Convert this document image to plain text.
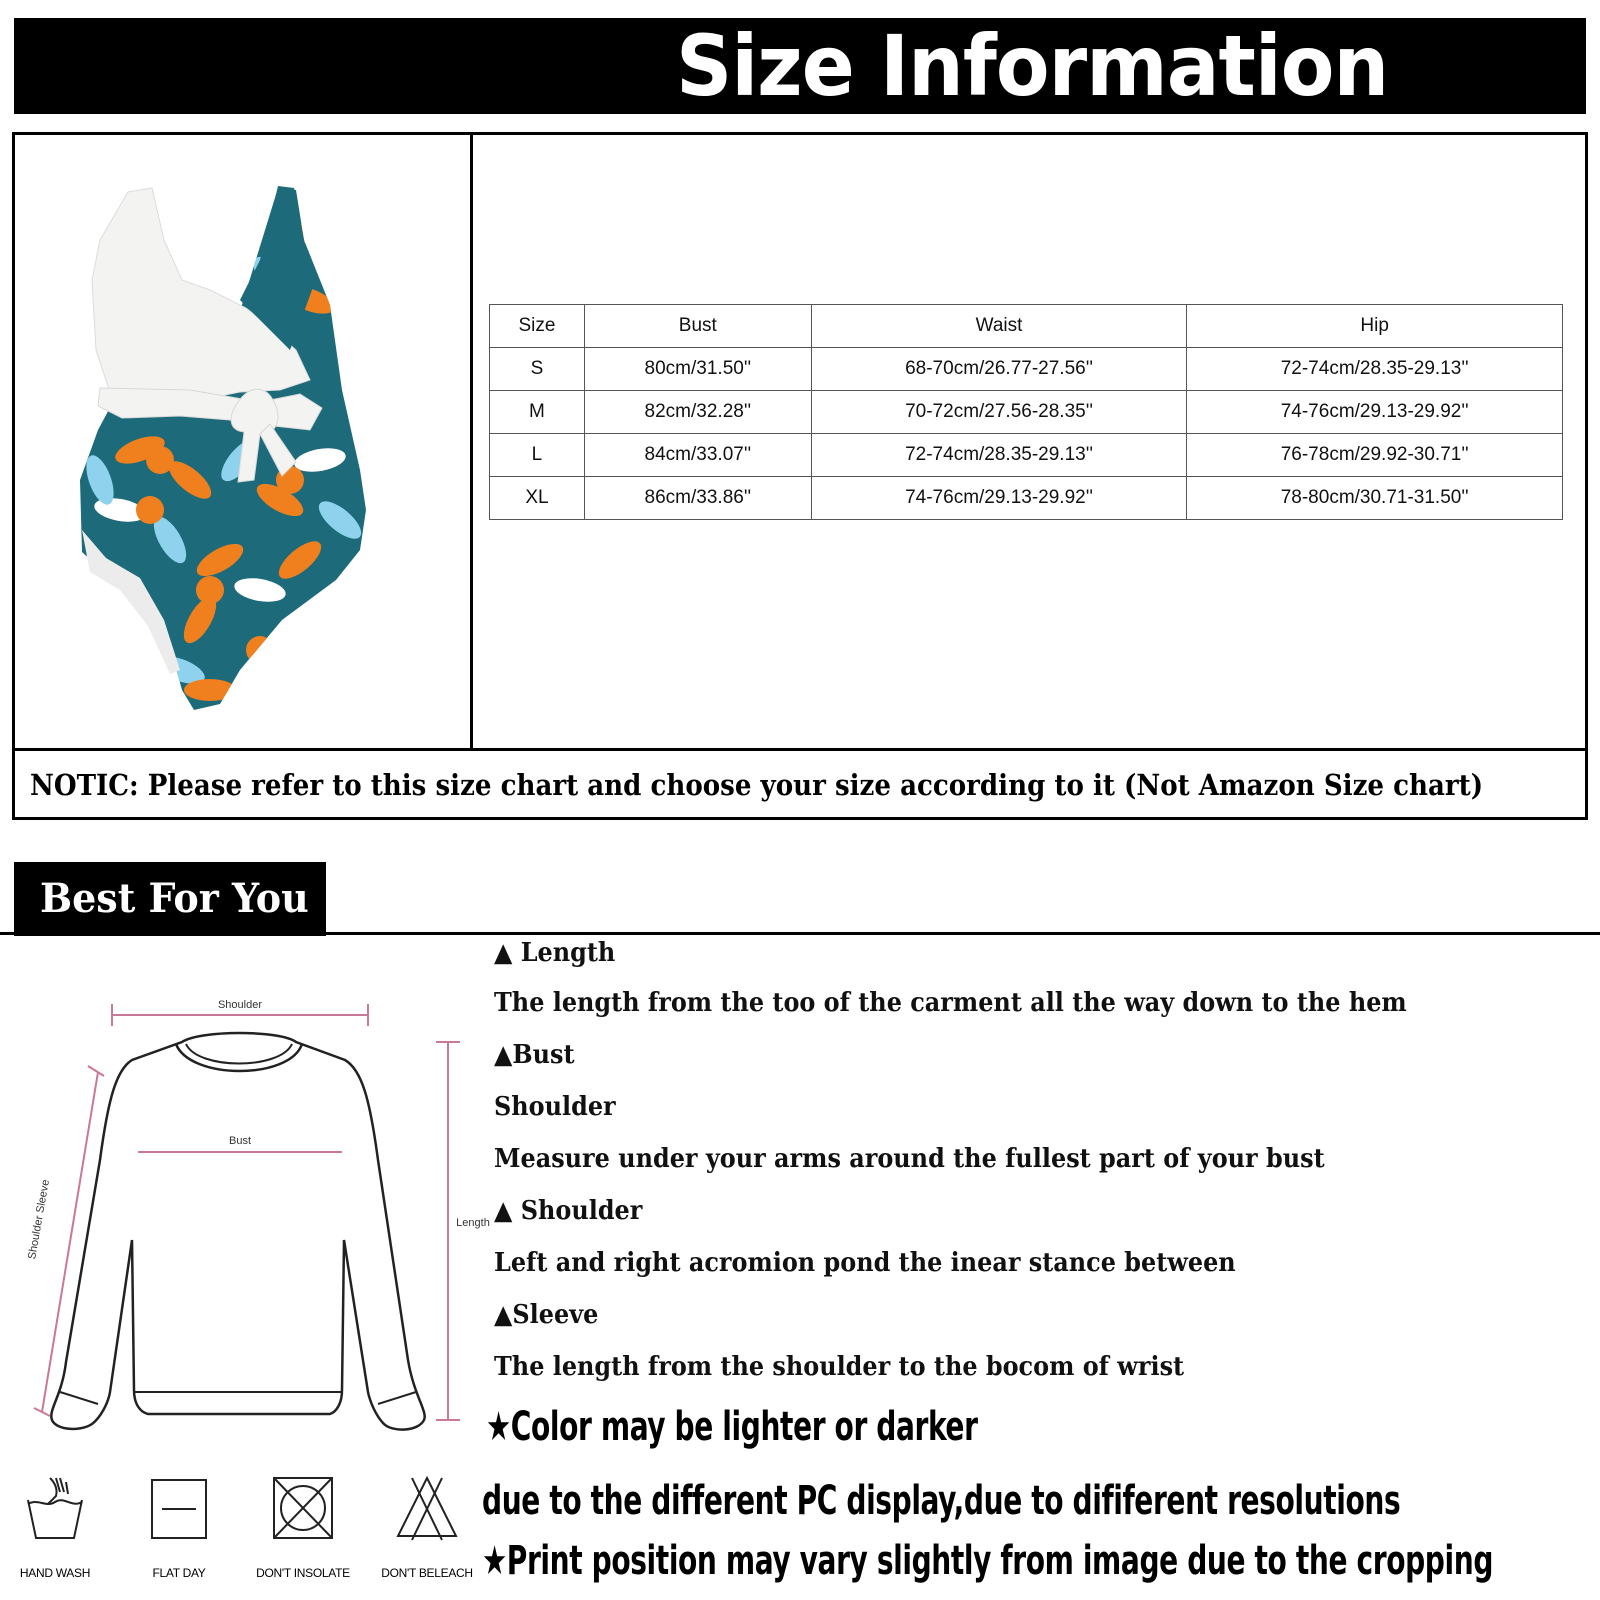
Size Information
Size	Bust	Waist	Hip
S	80cm/31.50''	68-70cm/26.77-27.56''	72-74cm/28.35-29.13''
M	82cm/32.28''	70-72cm/27.56-28.35''	74-76cm/29.13-29.92''
L	84cm/33.07''	72-74cm/28.35-29.13''	76-78cm/29.92-30.71''
XL	86cm/33.86''	74-76cm/29.13-29.92''	78-80cm/30.71-31.50''
NOTIC: Please refer to this size chart and choose your size according to it (Not Amazon Size chart)
Best For You
Shoulder
Bust
Length
Shoulder Sleeve
▲ Length
The length from the too of the carment all the way down to the hem
▲Bust
Shoulder
Measure under your arms around the fullest part of your bust
▲ Shoulder
Left and right acromion pond the inear stance between
▲Sleeve
The length from the shoulder to the bocom of wrist
★Color may be lighter or darker
due to the different PC display,due to dififerent resolutions
★Print position may vary slightly from image due to the cropping
HAND WASH	FLAT DAY	DON'T INSOLATE	DON'T BELEACH
